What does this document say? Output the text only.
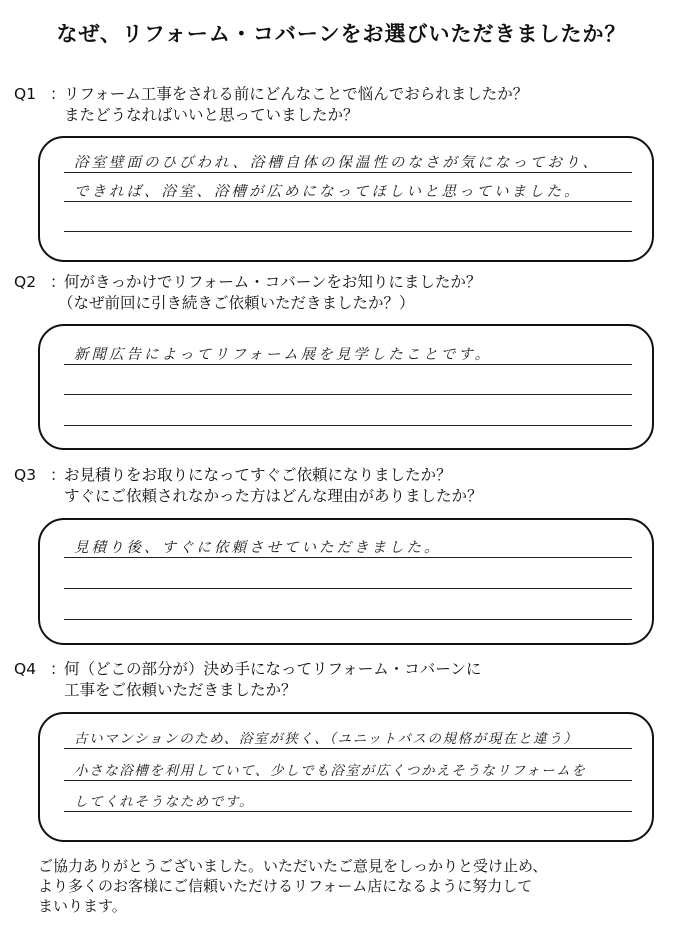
なぜ、リフォーム・コバーンをお選びいただきましたか？
Q1 ：リフォーム工事をされる前にどんなことで悩んでおられましたか？
またどうなればいいと思っていましたか？
浴室壁面のひびわれ、浴槽自体の保温性のなさが気になっており、
できれば、浴室、浴槽が広めになってほしいと思っていました。
Q2 ：何がきっかけでリフォーム・コバーンをお知りにましたか？
（なぜ前回に引き続きご依頼いただきましたか？）
新聞広告によってリフォーム展を見学したことです。
Q3 ：お見積りをお取りになってすぐご依頼になりましたか？
すぐにご依頼されなかった方はどんな理由がありましたか？
見積り後、すぐに依頼させていただきました。
Q4 ：何（どこの部分が）決め手になってリフォーム・コバーンに
工事をご依頼いただきましたか？
古いマンションのため、浴室が狭く、（ユニットバスの規格が現在と違う）
小さな浴槽を利用していて、少しでも浴室が広くつかえそうなリフォームを
してくれそうなためです。
ご協力ありがとうございました。いただいたご意見をしっかりと受け止め、
より多くのお客様にご信頼いただけるリフォーム店になるように努力して
まいります。
